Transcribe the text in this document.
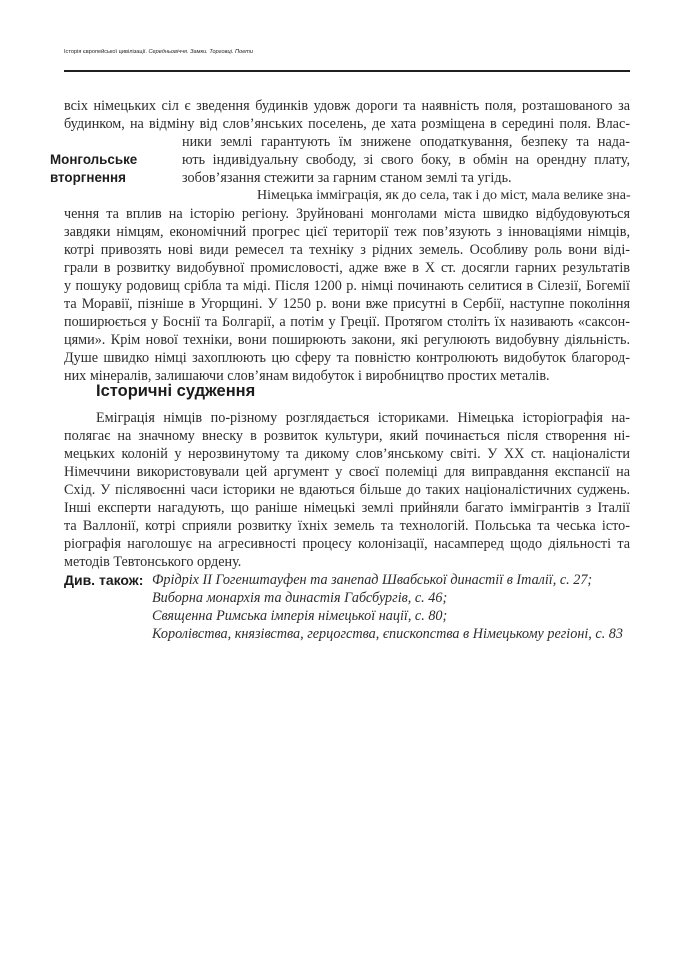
Історія європейської цивілізації. Середньовіччя. Замки. Торговці. Поети
Монгольське
вторгнення
всіх німецьких сіл є зведення будинків удовж дороги та наявність поля, розташованого за
будинком, на відміну від слов’янських поселень, де хата розміщена в середині поля. Влас-
ники землі гарантують їм знижене оподаткування, безпеку та нада-
ють індивідуальну свободу, зі свого боку, в обмін на орендну плату,
зобов’язання стежити за гарним станом землі та угідь.
Німецька імміграція, як до села, так і до міст, мала велике зна-
чення та вплив на історію регіону. Зруйновані монголами міста швидко відбудовуються
завдяки німцям, економічний прогрес цієї території теж пов’язують з інноваціями німців,
котрі привозять нові види ремесел та техніку з рідних земель. Особливу роль вони віді-
грали в розвитку видобувної промисловості, адже вже в X ст. досягли гарних результатів
у пошуку родовищ срібла та міді. Після 1200 р. німці починають селитися в Сілезії, Богемії
та Моравії, пізніше в Угорщині. У 1250 р. вони вже присутні в Сербії, наступне покоління
поширюється у Боснії та Болгарії, а потім у Греції. Протягом століть їх називають «саксон-
цями». Крім нової техніки, вони поширюють закони, які регулюють видобувну діяльність.
Душе швидко німці захоплюють цю сферу та повністю контролюють видобуток благород-
них мінералів, залишаючи слов’янам видобуток і виробництво простих металів.
Еміграція німців по-різному розглядається істориками. Німецька історіографія на-
полягає на значному внеску в розвиток культури, який починається після створення ні-
мецьких колоній у нерозвинутому та дикому слов’янському світі. У XX ст. націоналісти
Німеччини використовували цей аргумент у своєї полеміці для виправдання експансії на
Схід. У післявоєнні часи історики не вдаються більше до таких націоналістичних суджень.
Інші експерти нагадують, що раніше німецькі землі прийняли багато іммігрантів з Італії
та Валлонії, котрі сприяли розвитку їхніх земель та технологій. Польська та чеська істо-
ріографія наголошує на агресивності процесу колонізації, насамперед щодо діяльності та
методів Тевтонського ордену.
Історичні судження
Див. також: Фрідріх II Гогенштауфен та занепад Швабської династії в Італії, с. 27;
Виборна монархія та династія Габсбургів, с. 46;
Священна Римська імперія німецької нації, с. 80;
Королівства, князівства, герцогства, єпископства в Німецькому регіоні, с. 83
